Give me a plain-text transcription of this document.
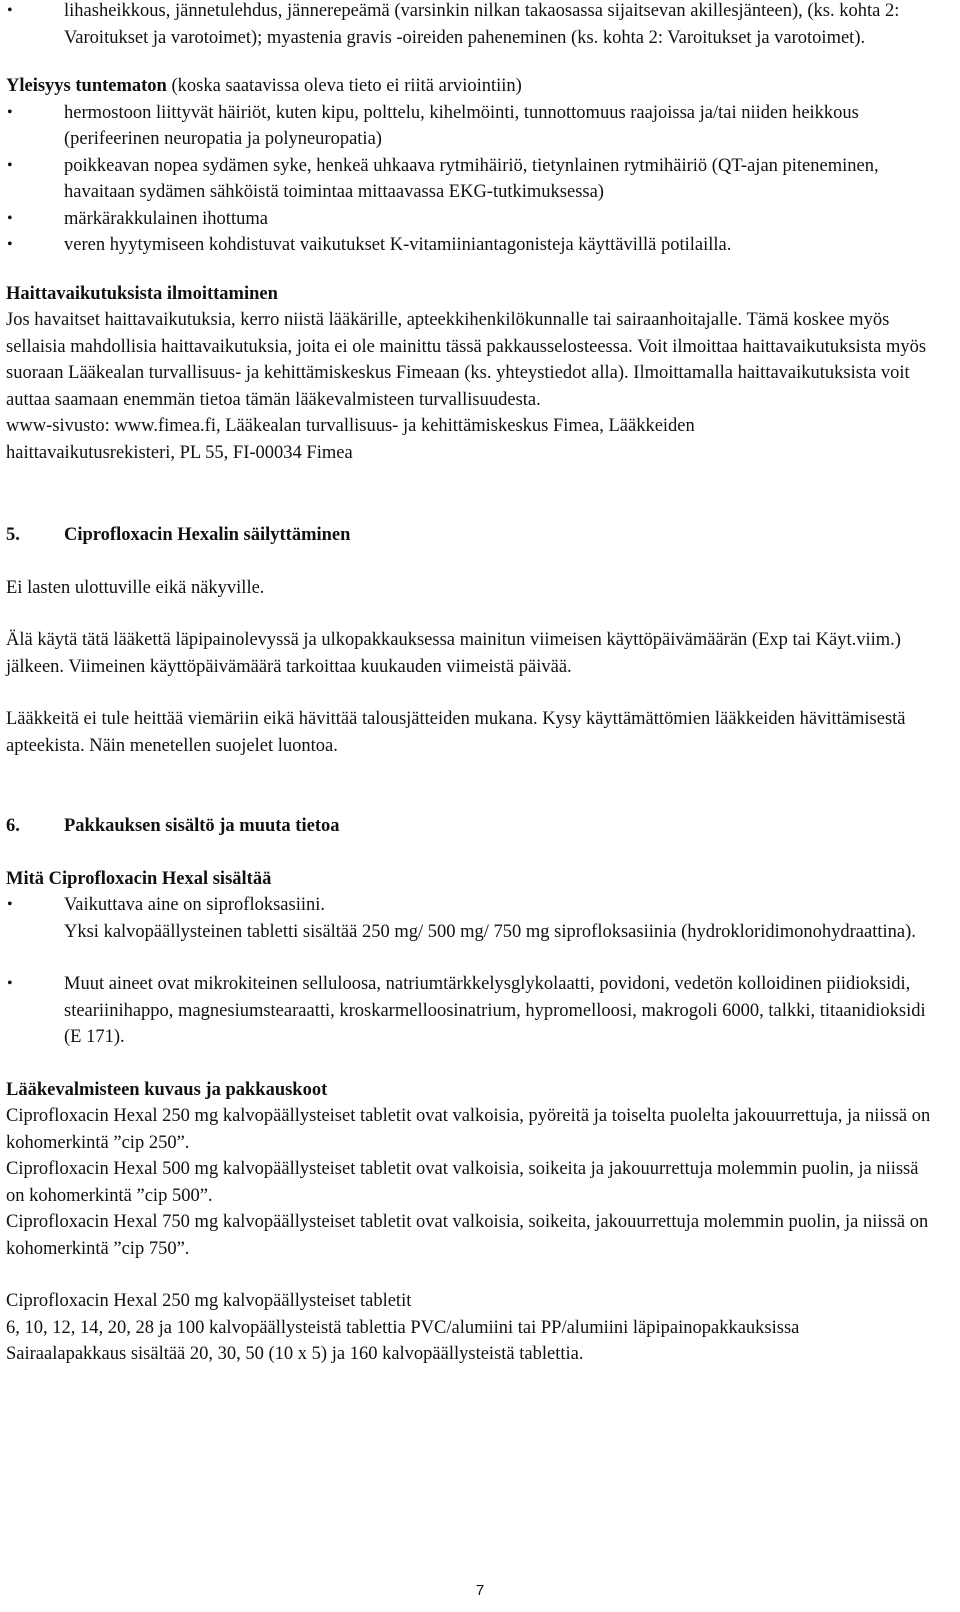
• lihasheikkous, jännetulehdus, jännerepeämä (varsinkin nilkan takaosassa sijaitsevan akillesjänteen), (ks. kohta 2: Varoitukset ja varotoimet); myastenia gravis -oireiden paheneminen (ks. kohta 2: Varoitukset ja varotoimet).

Yleisyys tuntematon (koska saatavissa oleva tieto ei riitä arviointiin)

• hermostoon liittyvät häiriöt, kuten kipu, polttelu, kihelmöinti, tunnottomuus raajoissa ja/tai niiden heikkous (perifeerinen neuropatia ja polyneuropatia)
• poikkeavan nopea sydämen syke, henkeä uhkaava rytmihäiriö, tietynlainen rytmihäiriö (QT-ajan piteneminen, havaitaan sydämen sähköistä toimintaa mittaavassa EKG-tutkimuksessa)
• märkärakkulainen ihottuma
• veren hyytymiseen kohdistuvat vaikutukset K-vitamiiniantagonisteja käyttävillä potilailla.

Haittavaikutuksista ilmoittaminen

Jos havaitset haittavaikutuksia, kerro niistä lääkärille, apteekkihenkilökunnalle tai sairaanhoitajalle. Tämä koskee myös sellaisia mahdollisia haittavaikutuksia, joita ei ole mainittu tässä pakkausselosteessa. Voit ilmoittaa haittavaikutuksista myös suoraan Lääkealan turvallisuus- ja kehittämiskeskus Fimeaan (ks. yhteystiedot alla). Ilmoittamalla haittavaikutuksista voit auttaa saamaan enemmän tietoa tämän lääkevalmisteen turvallisuudesta.

www-sivusto: www.fimea.fi, Lääkealan turvallisuus- ja kehittämiskeskus Fimea, Lääkkeiden

haittavaikutusrekisteri, PL 55, FI-00034 Fimea

5. Ciprofloxacin Hexalin säilyttäminen

Ei lasten ulottuville eikä näkyville.

Älä käytä tätä lääkettä läpipainolevyssä ja ulkopakkauksessa mainitun viimeisen käyttöpäivämäärän (Exp tai Käyt.viim.) jälkeen. Viimeinen käyttöpäivämäärä tarkoittaa kuukauden viimeistä päivää.

Lääkkeitä ei tule heittää viemäriin eikä hävittää talousjätteiden mukana. Kysy käyttämättömien lääkkeiden hävittämisestä apteekista. Näin menetellen suojelet luontoa.

6. Pakkauksen sisältö ja muuta tietoa

Mitä Ciprofloxacin Hexal sisältää

• Vaikuttava aine on siprofloksasiini.
Yksi kalvopäällysteinen tabletti sisältää 250 mg/ 500 mg/ 750 mg siprofloksasiinia (hydrokloridimonohydraattina).
• Muut aineet ovat mikrokiteinen selluloosa, natriumtärkkelysglykolaatti, povidoni, vedetön kolloidinen piidioksidi, steariinihappo, magnesiumstearaatti, kroskarmelloosinatrium, hypromelloosi, makrogoli 6000, talkki, titaanidioksidi (E 171).

Lääkevalmisteen kuvaus ja pakkauskoot

Ciprofloxacin Hexal 250 mg kalvopäällysteiset tabletit ovat valkoisia, pyöreitä ja toiselta puolelta jakouurrettuja, ja niissä on kohomerkintä ”cip 250”.

Ciprofloxacin Hexal 500 mg kalvopäällysteiset tabletit ovat valkoisia, soikeita ja jakouurrettuja molemmin puolin, ja niissä on kohomerkintä ”cip 500”.

Ciprofloxacin Hexal 750 mg kalvopäällysteiset tabletit ovat valkoisia, soikeita, jakouurrettuja molemmin puolin, ja niissä on kohomerkintä ”cip 750”.

Ciprofloxacin Hexal 250 mg kalvopäällysteiset tabletit

6, 10, 12, 14, 20, 28 ja 100 kalvopäällysteistä tablettia PVC/alumiini tai PP/alumiini läpipainopakkauksissa

Sairaalapakkaus sisältää 20, 30, 50 (10 x 5) ja 160 kalvopäällysteistä tablettia.

7
